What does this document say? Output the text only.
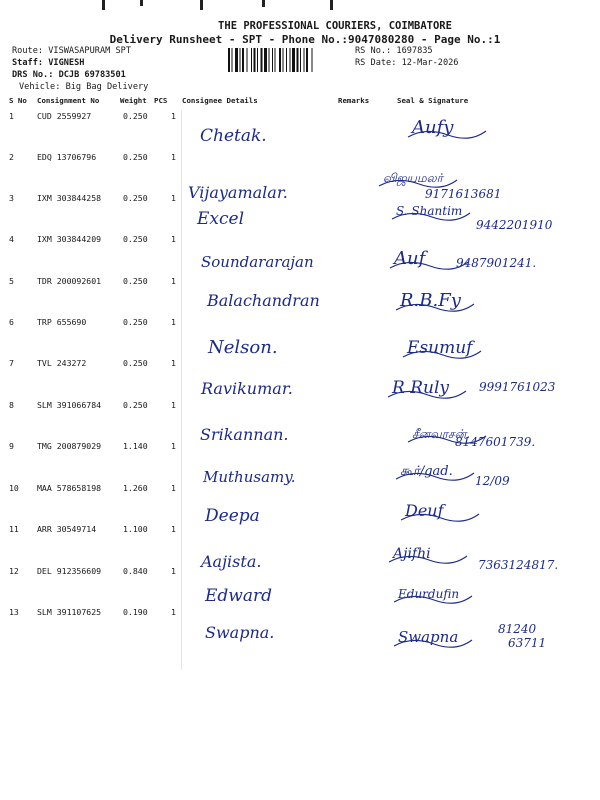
THE PROFESSIONAL COURIERS, COIMBATORE
Delivery Runsheet - SPT - Phone No.:9047080280 - Page No.:1
Route: VISWASAPURAM SPT
Staff: VIGNESH
DRS No.: DCJB 69783501
Vehicle: Big Bag Delivery
RS No.: 1697835
RS Date: 12-Mar-2026
S No Consignment No	Weight PCS Consignee Details	Remarks	Seal & Signature
1	CUD 2559927	0.250	1
Chetak.	Aufy
2	EDQ 13706796	0.250	1
Vijayamalar.
விஜயமலர்
9171613681
3	IXM 303844258	0.250	1
Excel	S. Shantim
9442201910
4	IXM 303844209	0.250	1
Soundararajan	Auf	9487901241.
5	TDR 200092601	0.250	1
Balachandran	R.B.Fy
6	TRP 655690	0.250	1
Nelson.	Esumuf
7	TVL 243272	0.250	1
Ravikumar.	R Ruly	9991761023
8	SLM 391066784	0.250	1
Srikannan.	சீனவாசன்.
8147601739.
9	TMG 200879029	1.140	1
Muthusamy.	கூர்/gad.
12/09
10 MAA 578658198	1.260	1
Deepa	Deuf
11 ARR 30549714	1.100	1
Aajista.	Ajifhi
7363124817.
12 DEL 912356609	0.840	1
Edward	Edurdufin
13 SLM 391107625	0.190	1
Swapna.	Swapna	81240
63711
